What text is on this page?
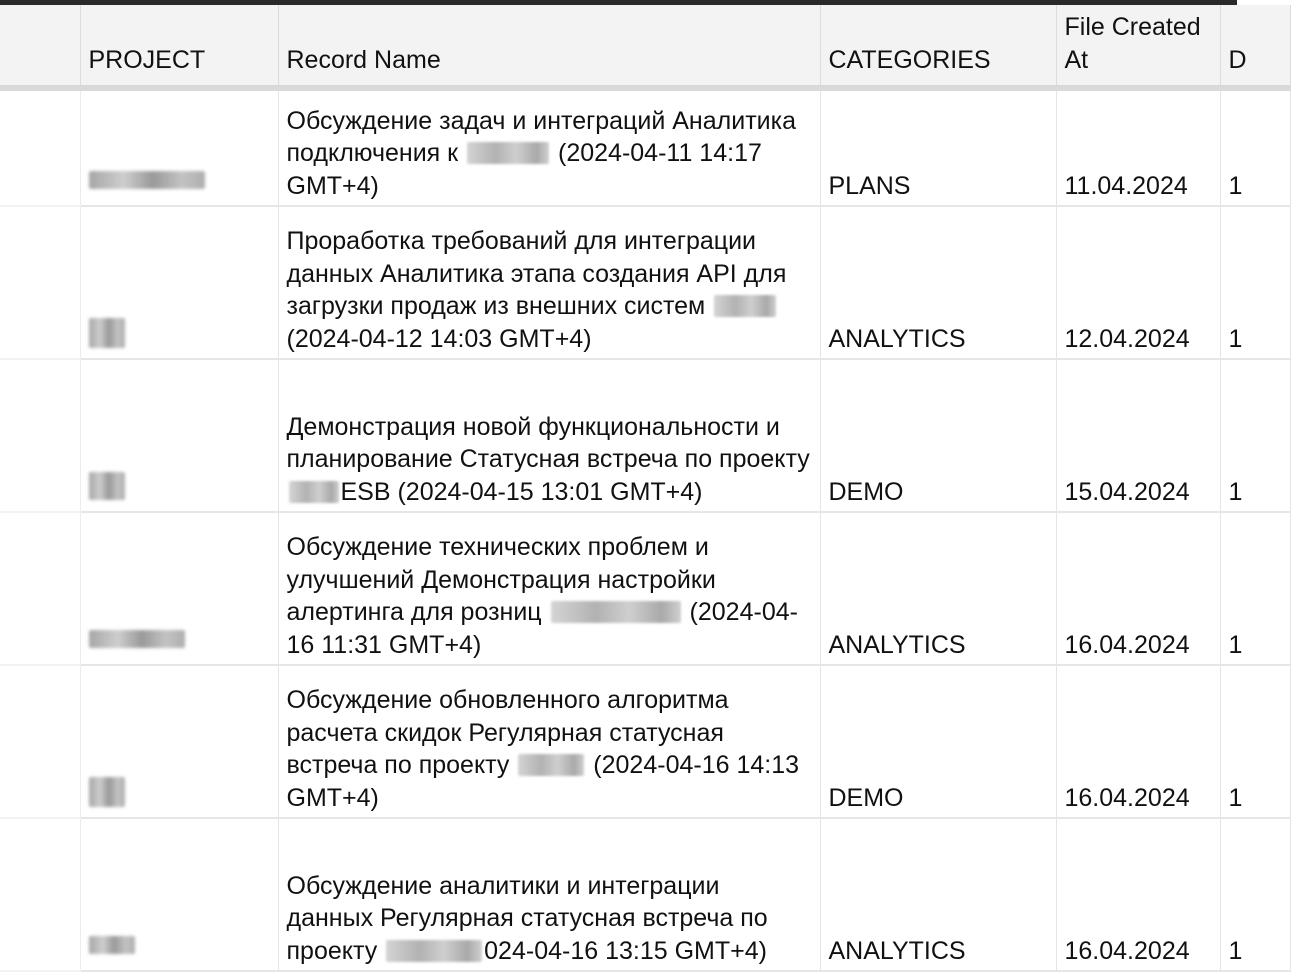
	PROJECT	Record Name	CATEGORIES	File Created At	D
		Обсуждение задач и интеграций Аналитика подключения к (2024-04-11 14:17 GMT+4)	PLANS	11.04.2024	1
		Проработка требований для интеграции данных Аналитика этапа создания API для загрузки продаж из внешних систем (2024-04-12 14:03 GMT+4)	ANALYTICS	12.04.2024	1
		Демонстрация новой функциональности и планирование Статусная встреча по проекту ESB (2024-04-15 13:01 GMT+4)	DEMO	15.04.2024	1
		Обсуждение технических проблем и улучшений Демонстрация настройки алертинга для розниц (2024-04-16 11:31 GMT+4)	ANALYTICS	16.04.2024	1
		Обсуждение обновленного алгоритма расчета скидок Регулярная статусная встреча по проекту (2024-04-16 14:13 GMT+4)	DEMO	16.04.2024	1
		Обсуждение аналитики и интеграции данных Регулярная статусная встреча по проекту 024-04-16 13:15 GMT+4)	ANALYTICS	16.04.2024	1
